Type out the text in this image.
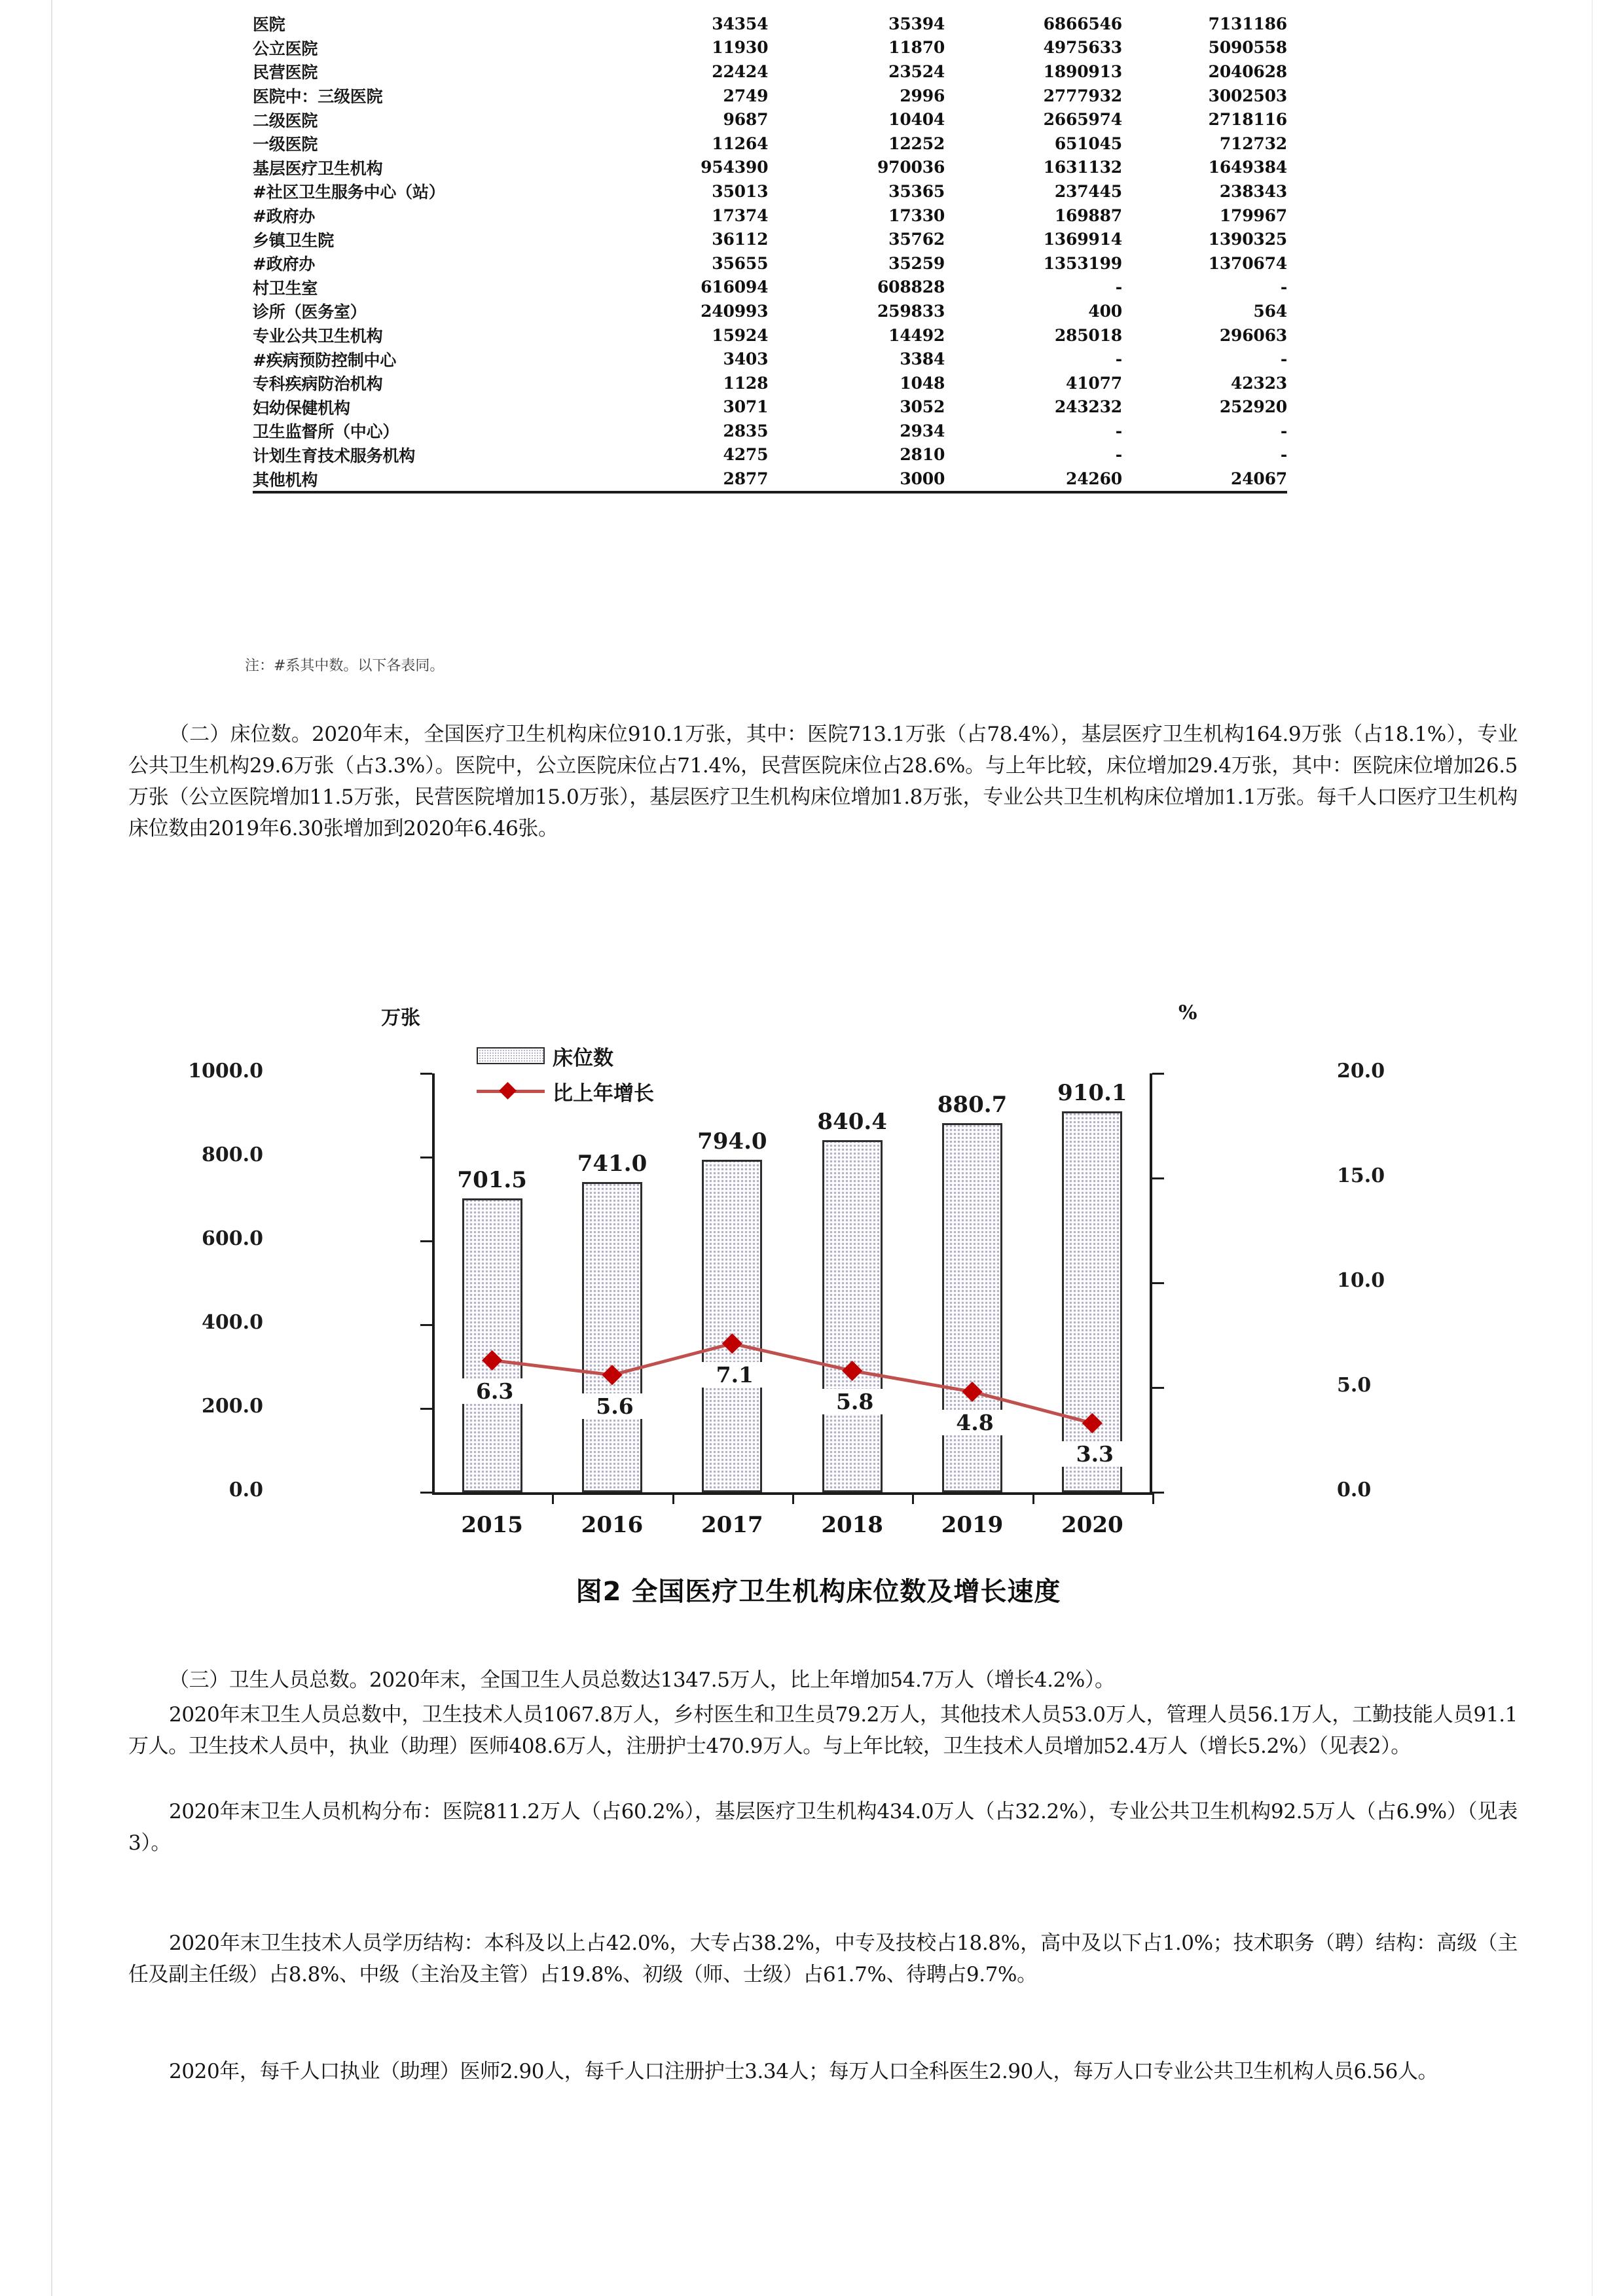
医院	34354	35394	6866546	7131186
公立医院	11930	11870	4975633	5090558
民营医院	22424	23524	1890913	2040628
医院中：三级医院	2749	2996	2777932	3002503
二级医院	9687	10404	2665974	2718116
一级医院	11264	12252	651045	712732
基层医疗卫生机构	954390	970036	1631132	1649384
#社区卫生服务中心（站）	35013	35365	237445	238343
#政府办	17374	17330	169887	179967
乡镇卫生院	36112	35762	1369914	1390325
#政府办	35655	35259	1353199	1370674
村卫生室	616094	608828	-	-
诊所（医务室）	240993	259833	400	564
专业公共卫生机构	15924	14492	285018	296063
#疾病预防控制中心	3403	3384	-	-
专科疾病防治机构	1128	1048	41077	42323
妇幼保健机构	3071	3052	243232	252920
卫生监督所（中心）	2835	2934	-	-
计划生育技术服务机构	4275	2810	-	-
其他机构	2877	3000	24260	24067
注：#系其中数。以下各表同。
（二）床位数。2020年末，全国医疗卫生机构床位910.1万张，其中：医院713.1万张（占78.4%），基层医疗卫生机构164.9万张（占18.1%），专业公共卫生机构29.6万张（占3.3%）。医院中，公立医院床位占71.4%，民营医院床位占28.6%。与上年比较，床位增加29.4万张，其中：医院床位增加26.5万张（公立医院增加11.5万张，民营医院增加15.0万张），基层医疗卫生机构床位增加1.8万张，专业公共卫生机构床位增加1.1万张。每千人口医疗卫生机构床位数由2019年6.30张增加到2020年6.46张。
万张	%
床位数
比上年增长
1000.0
800.0
600.0
400.0
200.0
0.0
20.0
15.0
10.0
5.0
0.0
701.5
6.3
741.0
5.6
794.0
7.1
840.4
5.8
880.7
4.8
910.1
3.3
图2 全国医疗卫生机构床位数及增长速度
2015	2016	2017	2018	2019	2020
（三）卫生人员总数。2020年末，全国卫生人员总数达1347.5万人，比上年增加54.7万人（增长4.2%）。
2020年末卫生人员总数中，卫生技术人员1067.8万人，乡村医生和卫生员79.2万人，其他技术人员53.0万人，管理人员56.1万人，工勤技能人员91.1万人。卫生技术人员中，执业（助理）医师408.6万人，注册护士470.9万人。与上年比较，卫生技术人员增加52.4万人（增长5.2%）（见表2）。
2020年末卫生人员机构分布：医院811.2万人（占60.2%），基层医疗卫生机构434.0万人（占32.2%），专业公共卫生机构92.5万人（占6.9%）（见表3）。
2020年末卫生技术人员学历结构：本科及以上占42.0%，大专占38.2%，中专及技校占18.8%，高中及以下占1.0%；技术职务（聘）结构：高级（主任及副主任级）占8.8%、中级（主治及主管）占19.8%、初级（师、士级）占61.7%、待聘占9.7%。
2020年，每千人口执业（助理）医师2.90人，每千人口注册护士3.34人；每万人口全科医生2.90人，每万人口专业公共卫生机构人员6.56人。
